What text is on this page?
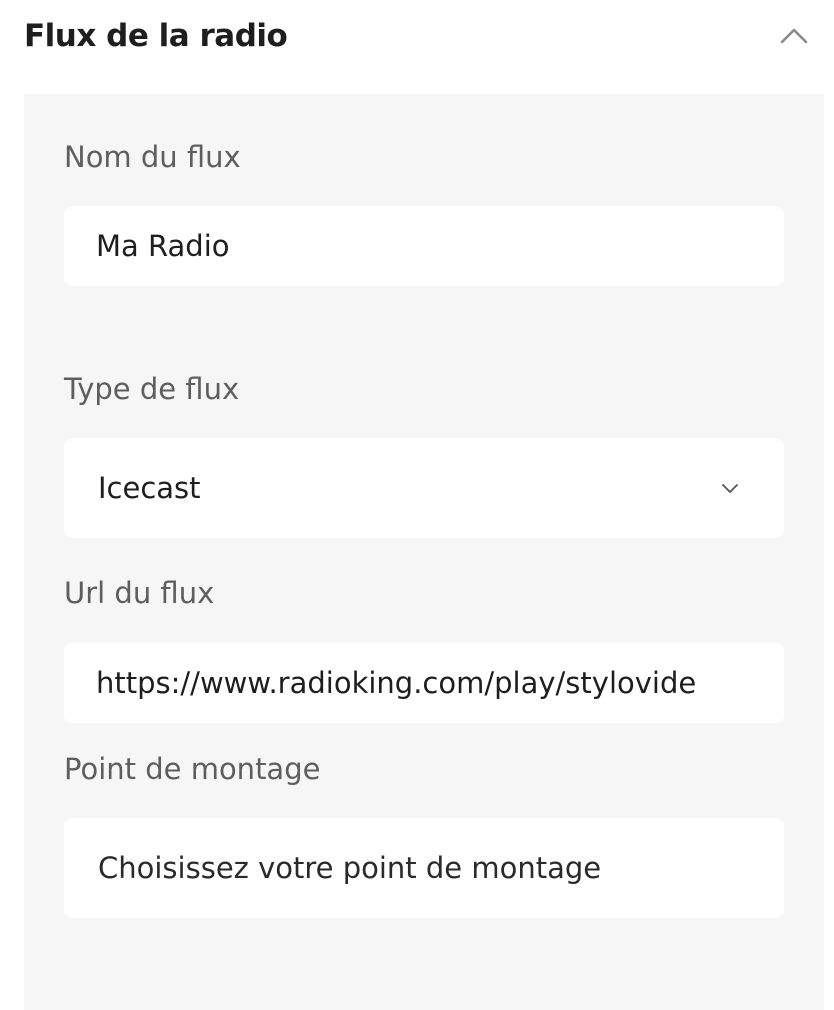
Flux de la radio
Nom du flux
Ma Radio
Type de flux
Icecast
Url du flux
https://www.radioking.com/play/stylovide
Point de montage
Choisissez votre point de montage
